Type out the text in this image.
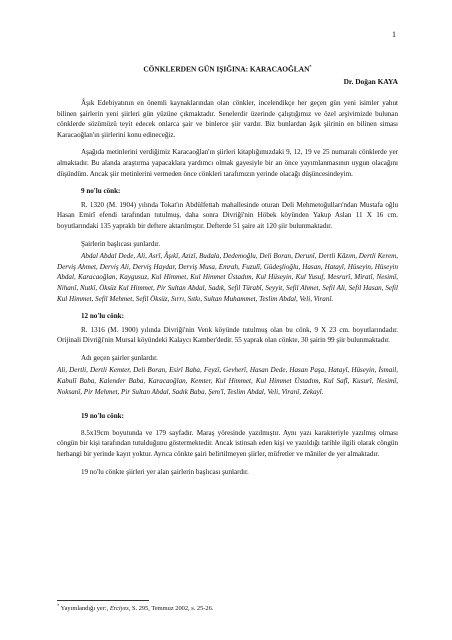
1
CÖNKLERDEN GÜN IŞIĞINA: KARACAOĞLAN*
Dr. Doğan KAYA

Âşık Edebiyatının en önemli kaynaklarından olan cönkler, incelendikçe her geçen gün yeni isimler yahut bilinen şairlerin yeni şiirleri gün yüzüne çıkmaktadır. Senelerdir üzerinde çalıştığımız ve özel arşivimizde bulunan cönklerde sözümüzü teyit edecek onlarca şair ve binlerce şiir vardır. Biz bunlardan âşık şiirinin en bilinen siması Karacaoğlan'ın şiirlerini konu edineceğiz.

Aşağıda metinlerini verdiğimiz Karacaoğlan'ın şiirleri kitaplığımızdaki 9, 12, 19 ve 25 numaralı cönklerde yer almaktadır. Bu alanda araştırma yapacaklara yardımcı olmak gayesiyle bir an önce yayımlanmasının uygun olacağını düşündüm. Ancak şiir metinlerini vermeden önce cönkleri tarafımızın yerinde olacağı düşüncesindeyim.

9 no'lu cönk:

R. 1320 (M. 1904) yılında Tokat'ın Abdülfettah mahallesinde oturan Deli Mehmetoğulları'ndan Mustafa oğlu Hasan Emirî efendi tarafından tutulmuş, daha sonra Divriği'nin Höbek köyünden Yakup Aslan 11 X 16 cm. boyutlarındaki 135 yapraklı bir deftere aktarılmıştır. Defterde 51 şaire ait 120 şiir bulunmaktadır.

Şairlerin başlıcası şunlardır.

Abdal Abdal Dede, Ali, Asrî, Âşıkî, Azizî, Budala, Dedemoğlu, Deli Boran, Derunî, Dertli Kâzım, Dertli Kerem, Derviş Ahmet, Derviş Ali, Derviş Haydar, Derviş Musa, Emrah, Fuzulî, Güdeşlioğlu, Hasan, Hatayî, Hüseyin, Hüseyin Abdal, Karacaoğlan, Kaygusuz, Kul Himmet, Kul Himmet Üstadım, Kul Hüseyin, Kul Yusuf, Mesrurî, Miratî, Nesimî, Nihanî, Nutkî, Öksüz Kul Himmet, Pir Sultan Abdal, Sadık, Sefil Türabî, Seyyit, Sefil Ahmet, Sefil Ali, Sefil Hasan, Sefil Kul Himmet, Sefil Mehmet, Sefil Öksüz, Sırrı, Sıtkı, Sultan Muhammet, Teslim Abdal, Veli, Viranî.

12 no'lu cönk:

R. 1316 (M. 1900) yılında Divriği'nin Venk köyünde tutulmuş olan bu cönk, 9 X 23 cm. boyutlarındadır. Orijinali Divriği'nin Mursal köyündeki Kalaycı Kamber'dedir. 55 yaprak olan cönkte, 30 şairin 99 şiir bulunmaktadır.

Adı geçen şairler şunlardır.

Ali, Dertli, Dertli Kemter, Deli Boran, Esirî Baba, Feyzî, Gevherî, Hasan Dede, Hasan Paşa, Hatayî, Hüseyin, İsmail, Kabulî Baba, Kalender Baba, Karacaoğlan, Kemter, Kul Himmet, Kul Himmet Üstadım, Kul Safî, Kusurî, Nesimî, Noksanî, Pir Mehmet, Pir Sultan Abdal, Sadık Baba, Şem'î, Teslim Abdal, Veli, Viranî, Zekayî.

19 no'lu cönk:

8.5x19cm boyutunda ve 179 sayfadır. Maraş yöresinde yazılmıştır. Aynı yazı karakteriyle yazılmış olması cöngün bir kişi tarafından tutulduğunu göstermektedir. Ancak istinsah eden kişi ve yazıldığı tarihle ilgili olarak cöngün herhangi bir yerinde kayıt yoktur. Ayrıca cönkte şairi belirtilmeyen şiirler, müfretler ve mâniler de yer almaktadır.

19 no'lu cönkte şiirleri yer alan şairlerin başlıcası şunlardır.

* Yayımlandığı yer:, Erciyes, S. 295, Temmuz 2002, s. 25-26.
